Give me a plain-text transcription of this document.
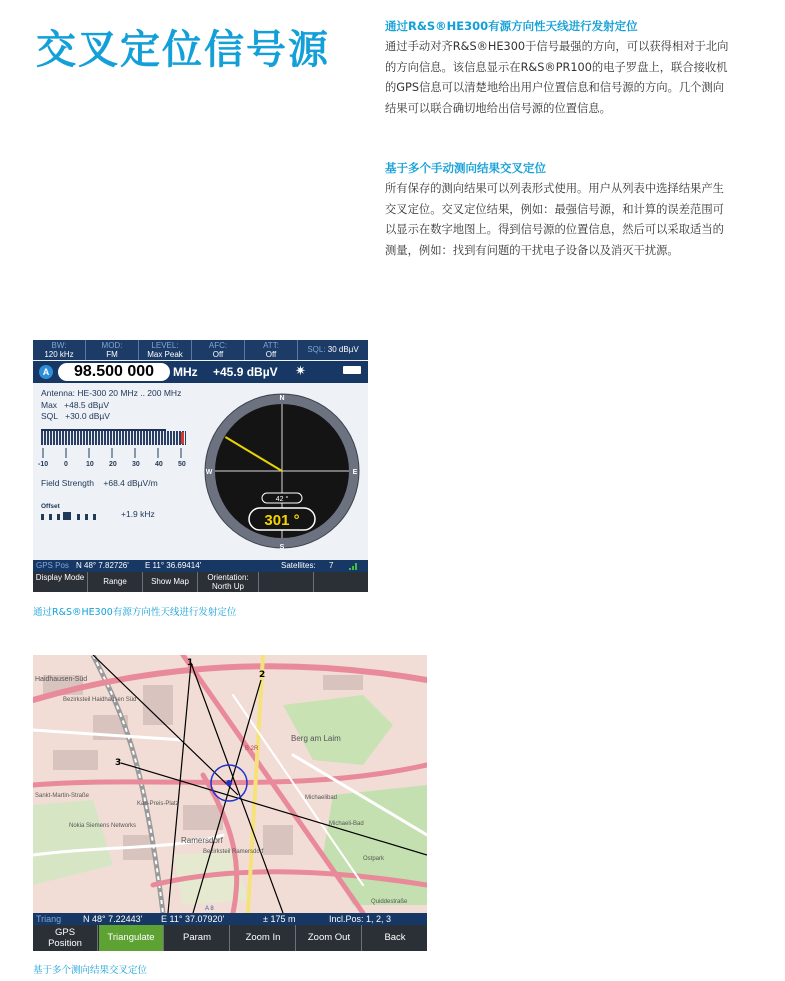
交叉定位信号源
通过R&S®HE300有源方向性天线进行发射定位

通过手动对齐R&S®HE300于信号最强的方向，可以获得相对于北向的方向信息。该信息显示在R&S®PR100的电子罗盘上，联合接收机的GPS信息可以清楚地给出用户位置信息和信号源的方向。几个测向结果可以联合确切地给出信号源的位置信息。

基于多个手动测向结果交叉定位

所有保存的测向结果可以列表形式使用。用户从列表中选择结果产生交叉定位。交叉定位结果，例如：最强信号源，和计算的误差范围可以显示在数字地图上。得到信号源的位置信息，然后可以采取适当的测量，例如：找到有问题的干扰电子设备以及消灭干扰源。

BW:
120 kHz
MOD:
FM
LEVEL:
Max Peak
AFC:
Off
ATT:
Off
SQL: 30 dBµV
A	98.500 000	MHz +45.9 dBµV ✷
Antenna: HE-300 20 MHz .. 200 MHz
Max +48.5 dBµV
SQL +30.0 dBµV
-10 0	10 20 30 40 50
Field Strength +68.4 dBµV/m
Offset
+1.9 kHz
N
E
S
W
42 °
301 °
GPS Pos N 48° 7.82726' E 11° 36.69414'	Satellites: 7
Display Mode	Range	Show Map	Orientation: North Up
通过R&S®HE300有源方向性天线进行发射定位
1
2
3
Haidhausen-Süd
Bezirksteil Haidhausen Süd
Berg am Laim
Karl-Preis-Platz
Sankt-Martin-Straße	Michaelibad
Michaeli-Bad
Nokia Siemens Networks
Ramersdorf
Bezirksteil Ramersdorf
Ostpark
Quiddestraße
B 2R
A 8
Triang N 48° 7.22443' E 11° 37.07920'	± 175 m	Incl.Pos: 1, 2, 3
GPS Position
Triangulate	Param	Zoom In	Zoom Out	Back
基于多个测向结果交叉定位
